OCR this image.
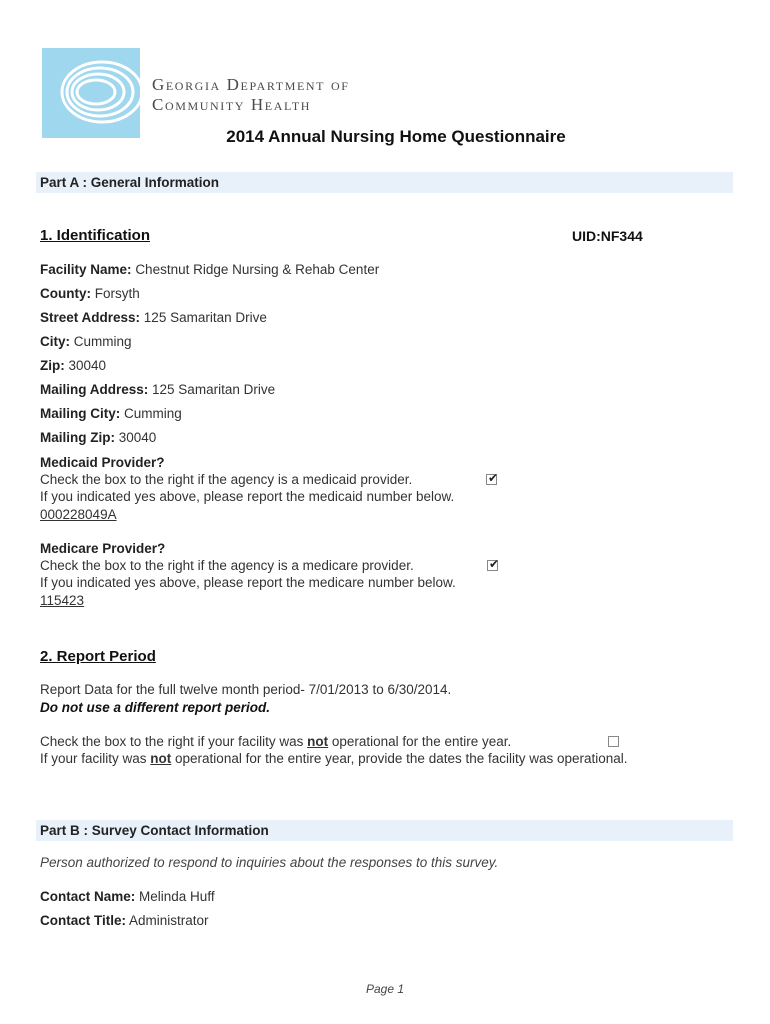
Georgia Department of
Community Health
2014 Annual Nursing Home Questionnaire
Part A : General Information
1. Identification	UID:NF344
Facility Name: Chestnut Ridge Nursing & Rehab Center
County: Forsyth
Street Address: 125 Samaritan Drive
City: Cumming
Zip: 30040
Mailing Address: 125 Samaritan Drive
Mailing City: Cumming
Mailing Zip: 30040
Medicaid Provider?
Check the box to the right if the agency is a medicaid provider.	✔
If you indicated yes above, please report the medicaid number below.
000228049A
Medicare Provider?
Check the box to the right if the agency is a medicare provider.	✔
If you indicated yes above, please report the medicare number below.
115423
2. Report Period
Report Data for the full twelve month period- 7/01/2013 to 6/30/2014.
Do not use a different report period.
Check the box to the right if your facility was not operational for the entire year.
If your facility was not operational for the entire year, provide the dates the facility was operational.
Part B : Survey Contact Information
Person authorized to respond to inquiries about the responses to this survey.
Contact Name: Melinda Huff
Contact Title: Administrator
Page 1
